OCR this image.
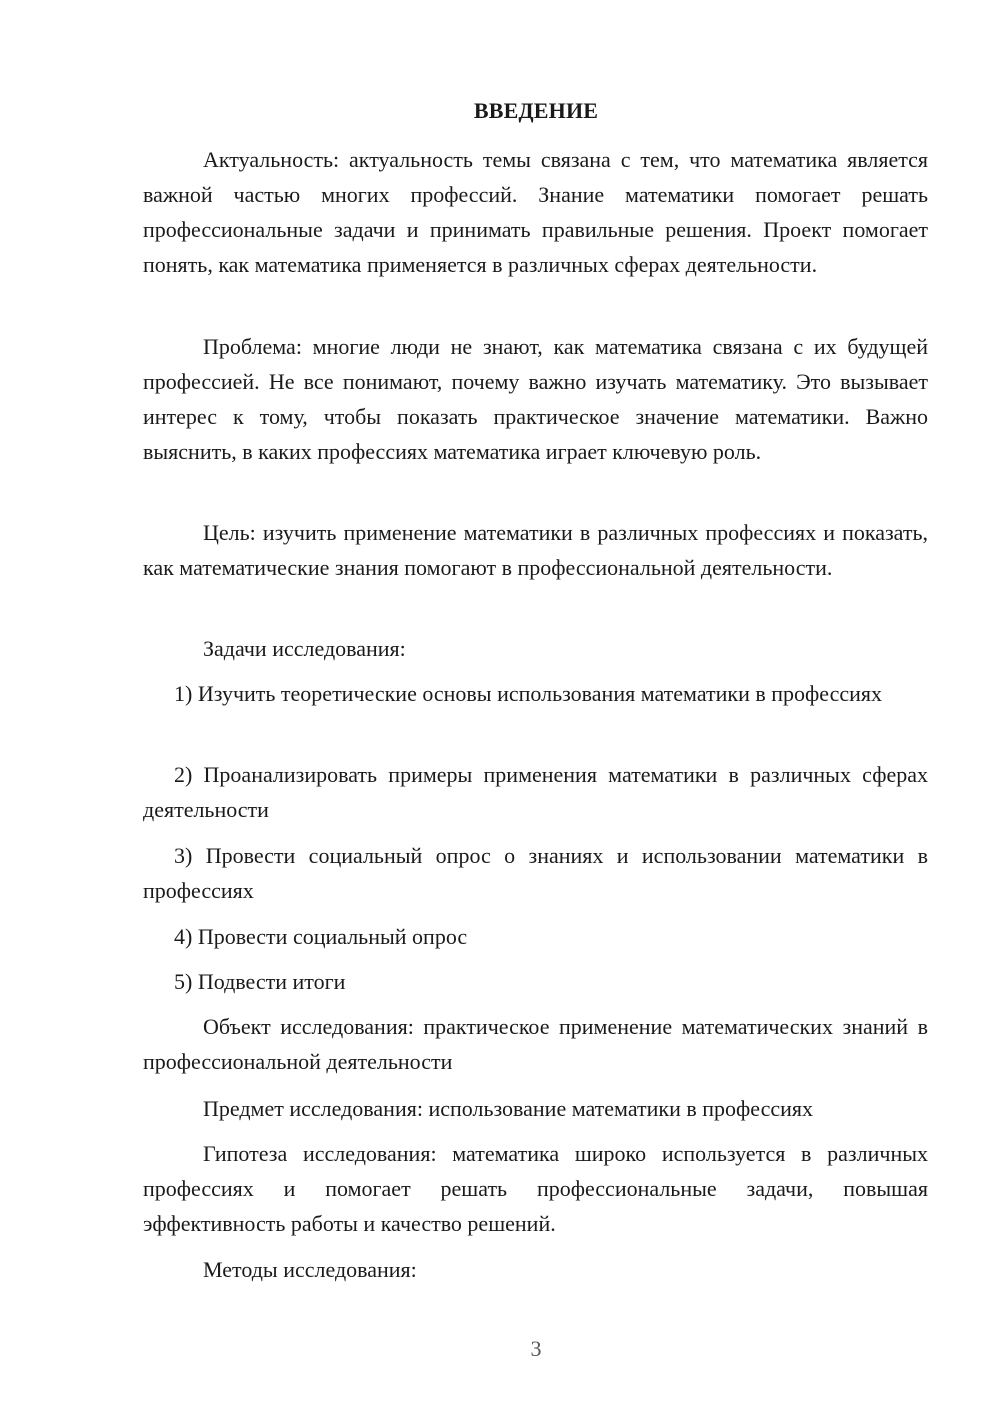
ВВЕДЕНИЕ

Актуальность: актуальность темы связана с тем, что математика является важной частью многих профессий. Знание математики помогает решать профессиональные задачи и принимать правильные решения. Проект помогает понять, как математика применяется в различных сферах деятельности.

Проблема: многие люди не знают, как математика связана с их будущей профессией. Не все понимают, почему важно изучать математику. Это вызывает интерес к тому, чтобы показать практическое значение математики. Важно выяснить, в каких профессиях математика играет ключевую роль.

Цель: изучить применение математики в различных профессиях и показать, как математические знания помогают в профессиональной деятельности.

Задачи исследования:

1) Изучить теоретические основы использования математики в профессиях

2) Проанализировать примеры применения математики в различных сферах деятельности

3) Провести социальный опрос о знаниях и использовании математики в профессиях

4) Провести социальный опрос

5) Подвести итоги

Объект исследования: практическое применение математических знаний в профессиональной деятельности

Предмет исследования: использование математики в профессиях

Гипотеза исследования: математика широко используется в различных профессиях и помогает решать профессиональные задачи, повышая эффективность работы и качество решений.

Методы исследования:

3
